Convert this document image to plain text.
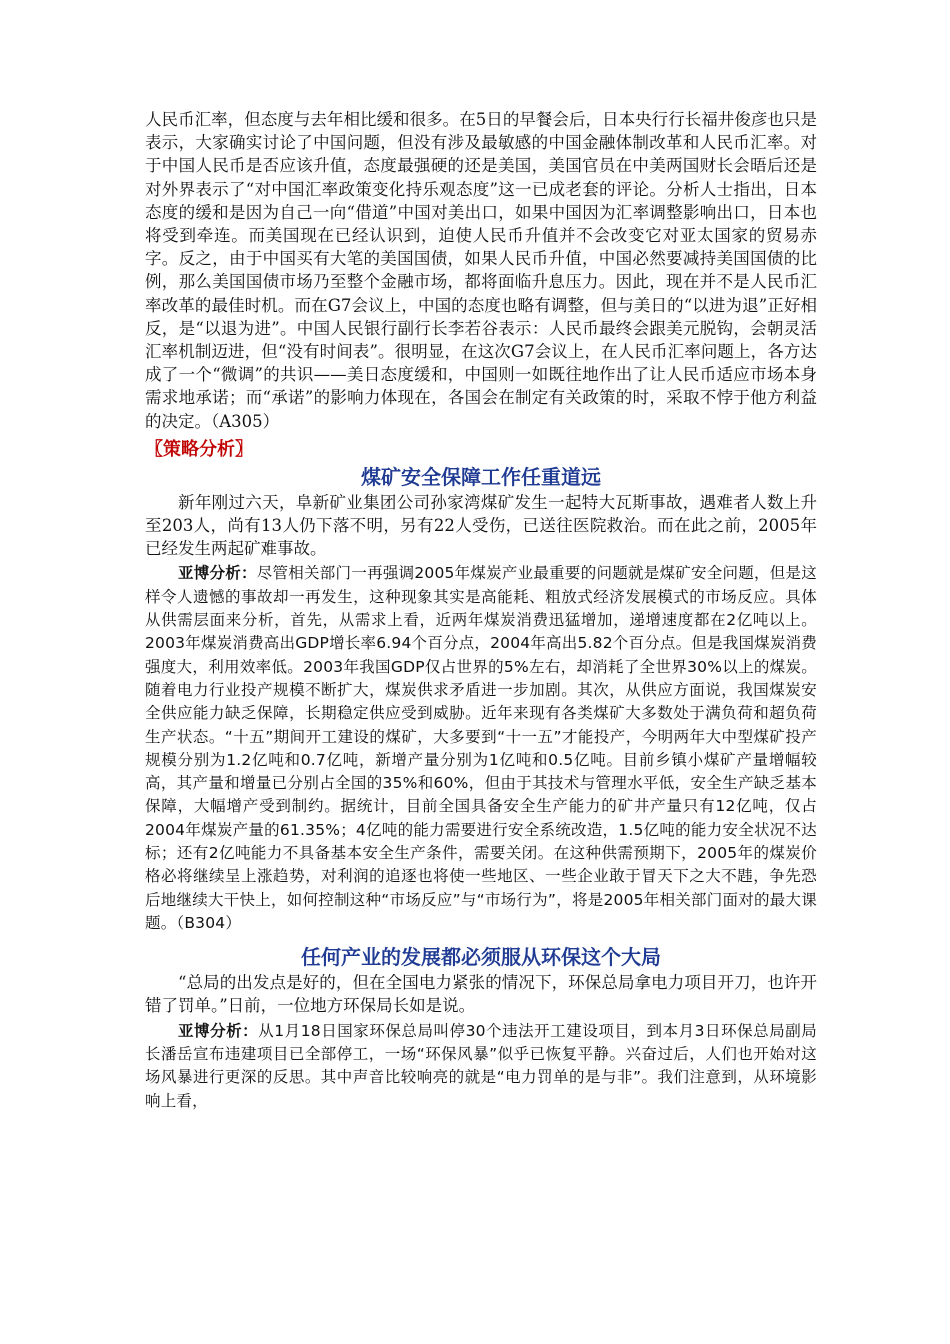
人民币汇率，但态度与去年相比缓和很多。在5日的早餐会后，日本央行行长福井俊彦也只是表示，大家确实讨论了中国问题，但没有涉及最敏感的中国金融体制改革和人民币汇率。对于中国人民币是否应该升值，态度最强硬的还是美国，美国官员在中美两国财长会晤后还是对外界表示了“对中国汇率政策变化持乐观态度”这一已成老套的评论。分析人士指出，日本态度的缓和是因为自己一向“借道”中国对美出口，如果中国因为汇率调整影响出口，日本也将受到牵连。而美国现在已经认识到，迫使人民币升值并不会改变它对亚太国家的贸易赤字。反之，由于中国买有大笔的美国国债，如果人民币升值，中国必然要减持美国国债的比例，那么美国国债市场乃至整个金融市场，都将面临升息压力。因此，现在并不是人民币汇率改革的最佳时机。而在G7会议上，中国的态度也略有调整，但与美日的“以进为退”正好相反，是“以退为进”。中国人民银行副行长李若谷表示：人民币最终会跟美元脱钩，会朝灵活汇率机制迈进，但“没有时间表”。很明显，在这次G7会议上，在人民币汇率问题上，各方达成了一个“微调”的共识——美日态度缓和，中国则一如既往地作出了让人民币适应市场本身需求地承诺；而“承诺”的影响力体现在，各国会在制定有关政策的时，采取不悖于他方利益的决定。（A305）

〖策略分析〗
煤矿安全保障工作任重道远

新年刚过六天，阜新矿业集团公司孙家湾煤矿发生一起特大瓦斯事故，遇难者人数上升至203人，尚有13人仍下落不明，另有22人受伤，已送往医院救治。而在此之前，2005年已经发生两起矿难事故。

亚博分析：尽管相关部门一再强调2005年煤炭产业最重要的问题就是煤矿安全问题，但是这样令人遗憾的事故却一再发生，这种现象其实是高能耗、粗放式经济发展模式的市场反应。具体从供需层面来分析，首先，从需求上看，近两年煤炭消费迅猛增加，递增速度都在2亿吨以上。2003年煤炭消费高出GDP增长率6.94个百分点，2004年高出5.82个百分点。但是我国煤炭消费强度大，利用效率低。2003年我国GDP仅占世界的5%左右，却消耗了全世界30%以上的煤炭。随着电力行业投产规模不断扩大，煤炭供求矛盾进一步加剧。其次，从供应方面说，我国煤炭安全供应能力缺乏保障，长期稳定供应受到威胁。近年来现有各类煤矿大多数处于满负荷和超负荷生产状态。“十五”期间开工建设的煤矿，大多要到“十一五”才能投产，今明两年大中型煤矿投产规模分别为1.2亿吨和0.7亿吨，新增产量分别为1亿吨和0.5亿吨。目前乡镇小煤矿产量增幅较高，其产量和增量已分别占全国的35%和60%，但由于其技术与管理水平低，安全生产缺乏基本保障，大幅增产受到制约。据统计，目前全国具备安全生产能力的矿井产量只有12亿吨，仅占2004年煤炭产量的61.35%；4亿吨的能力需要进行安全系统改造，1.5亿吨的能力安全状况不达标；还有2亿吨能力不具备基本安全生产条件，需要关闭。在这种供需预期下，2005年的煤炭价格必将继续呈上涨趋势，对利润的追逐也将使一些地区、一些企业敢于冒天下之大不韪，争先恐后地继续大干快上，如何控制这种“市场反应”与“市场行为”，将是2005年相关部门面对的最大课题。（B304）

任何产业的发展都必须服从环保这个大局

“总局的出发点是好的，但在全国电力紧张的情况下，环保总局拿电力项目开刀，也许开错了罚单。”日前，一位地方环保局长如是说。

亚博分析：从1月18日国家环保总局叫停30个违法开工建设项目，到本月3日环保总局副局长潘岳宣布违建项目已全部停工，一场“环保风暴”似乎已恢复平静。兴奋过后，人们也开始对这场风暴进行更深的反思。其中声音比较响亮的就是“电力罚单的是与非”。我们注意到，从环境影响上看，
